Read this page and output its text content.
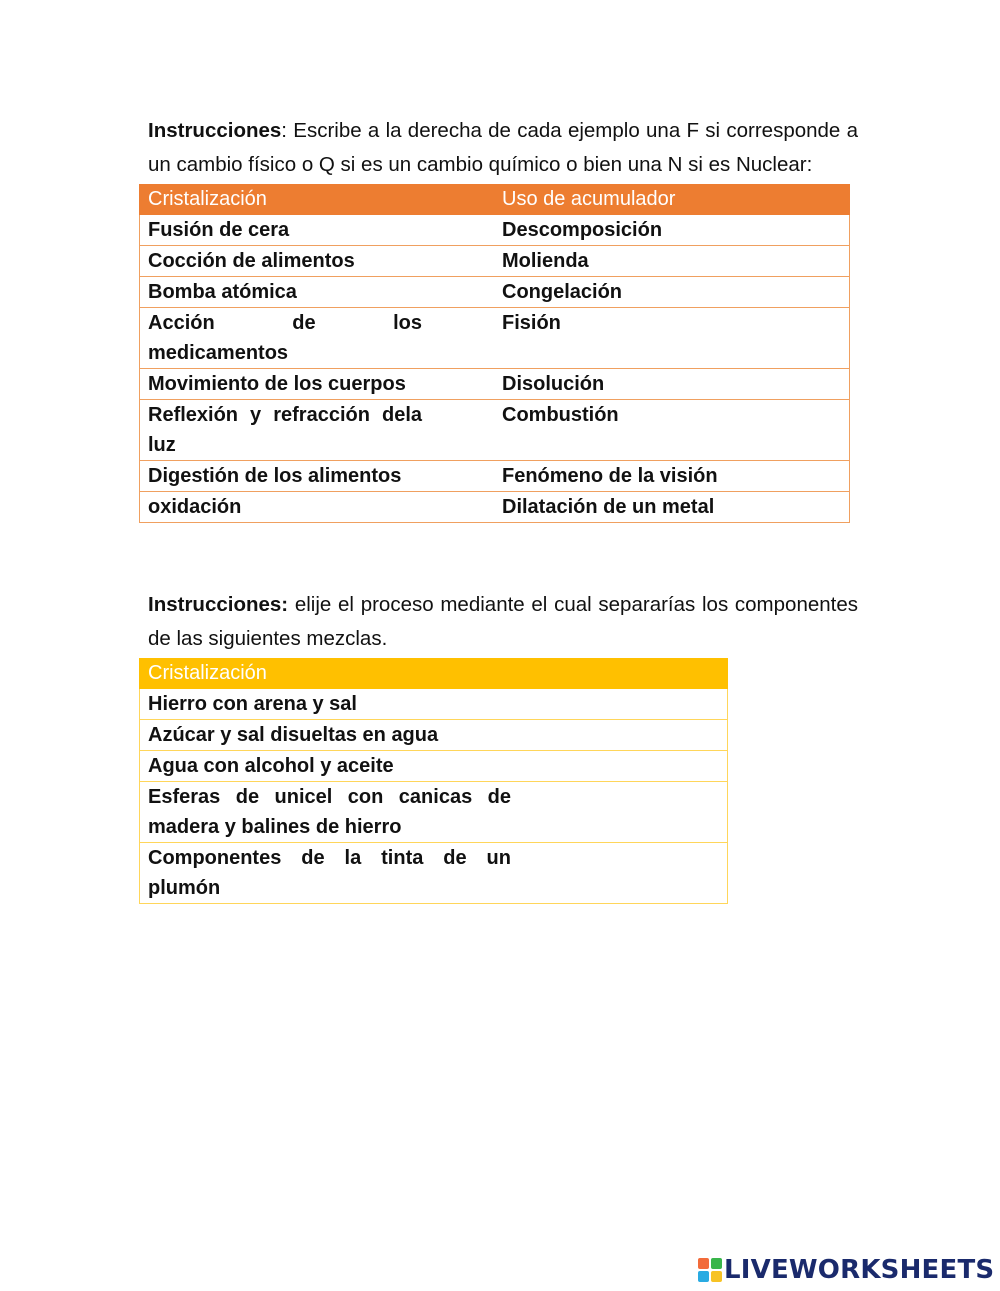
Instrucciones: Escribe a la derecha de cada ejemplo una F si corresponde a un cambio físico o Q si es un cambio químico o bien una N si es Nuclear:
Cristalización	Uso de acumulador
Fusión de cera	Descomposición
Cocción de alimentos	Molienda
Bomba atómica	Congelación
Acción de los medicamentos	Fisión
Movimiento de los cuerpos	Disolución
Reflexión y refracción dela luz	Combustión
Digestión de los alimentos	Fenómeno de la visión
oxidación	Dilatación de un metal
Instrucciones: elije el proceso mediante el cual separarías los componentes de las siguientes mezclas.
Cristalización
Hierro con arena y sal
Azúcar y sal disueltas en agua
Agua con alcohol y aceite
Esferas de unicel con canicas de madera y balines de hierro
Componentes de la tinta de un plumón
LIVEWORKSHEETS
